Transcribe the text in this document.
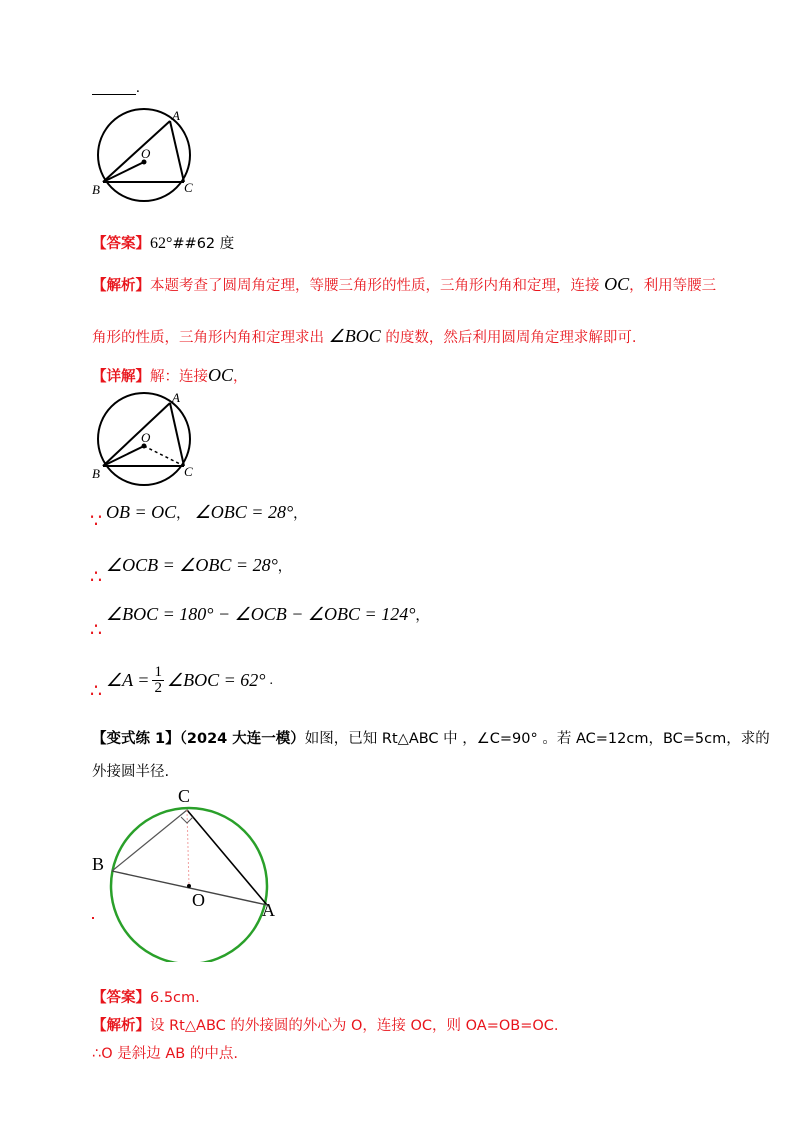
.
A
O
B	C
【答案】62°##62 度
【解析】本题考查了圆周角定理，等腰三角形的性质，三角形内角和定理，连接 OC，利用等腰三
角形的性质，三角形内角和定理求出 ∠BOC 的度数，然后利用圆周角定理求解即可.
【详解】解：连接OC，
A
O
B	C
∵ OB = OC， ∠OBC = 28°，
∴
∠OCB = ∠OBC = 28°，
∴
∠BOC = 180° − ∠OCB − ∠OBC = 124°，
∴ ∠A = $\frac{1}{2}$ ∠BOC = 62° .
【变式练 1】（2024 大连一模）如图，已知 Rt△ABC 中 ，∠C=90° 。若 AC=12cm，BC=5cm，求的
外接圆半径.
C
B
O	A
【答案】6.5cm.
【解析】设 Rt△ABC 的外接圆的外心为 O，连接 OC，则 OA=OB=OC.
∴O 是斜边 AB 的中点.
